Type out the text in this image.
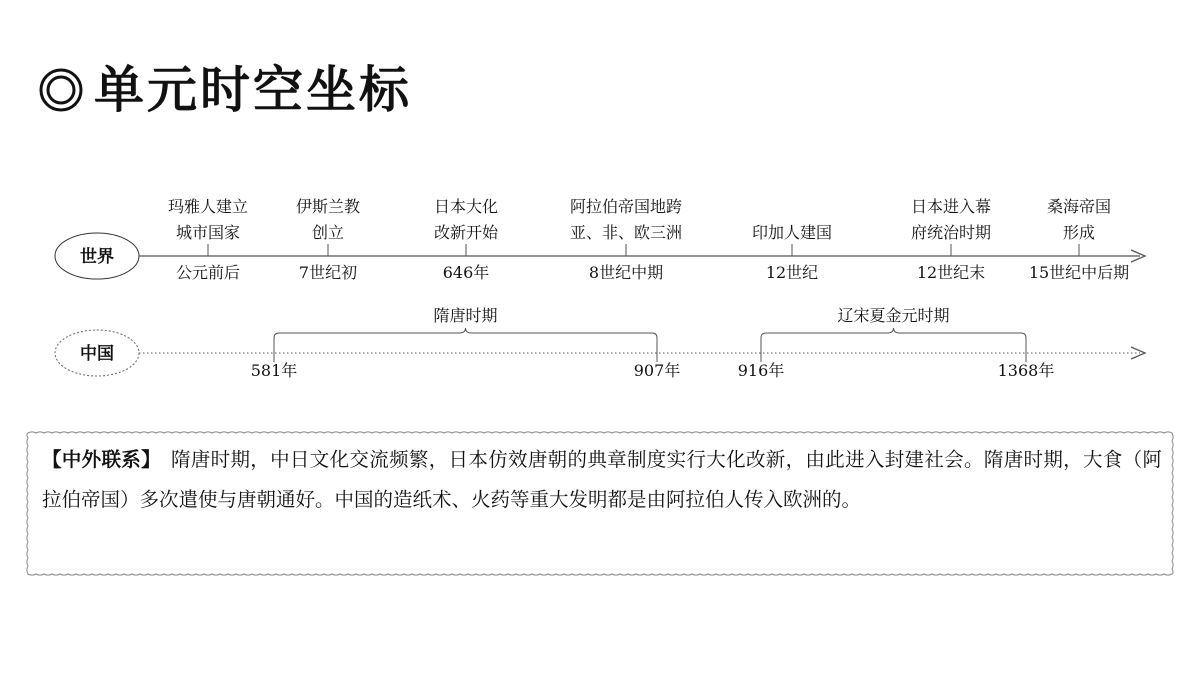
单元时空坐标
世界
玛雅人建立
城市国家
公元前后
伊斯兰教
创立
7世纪初
日本大化
改新开始
646年
阿拉伯帝国地跨
亚、非、欧三洲
8世纪中期
印加人建国
12世纪
日本进入幕
府统治时期
12世纪末
桑海帝国
形成
15世纪中后期
中国
隋唐时期
581年	907年
辽宋夏金元时期
916年	1368年
【中外联系】 隋唐时期，中日文化交流频繁，日本仿效唐朝的典章制度实行大化改新，由此进入封建社会。隋唐时期，大食（阿拉伯帝国）多次遣使与唐朝通好。中国的造纸术、火药等重大发明都是由阿拉伯人传入欧洲的。
